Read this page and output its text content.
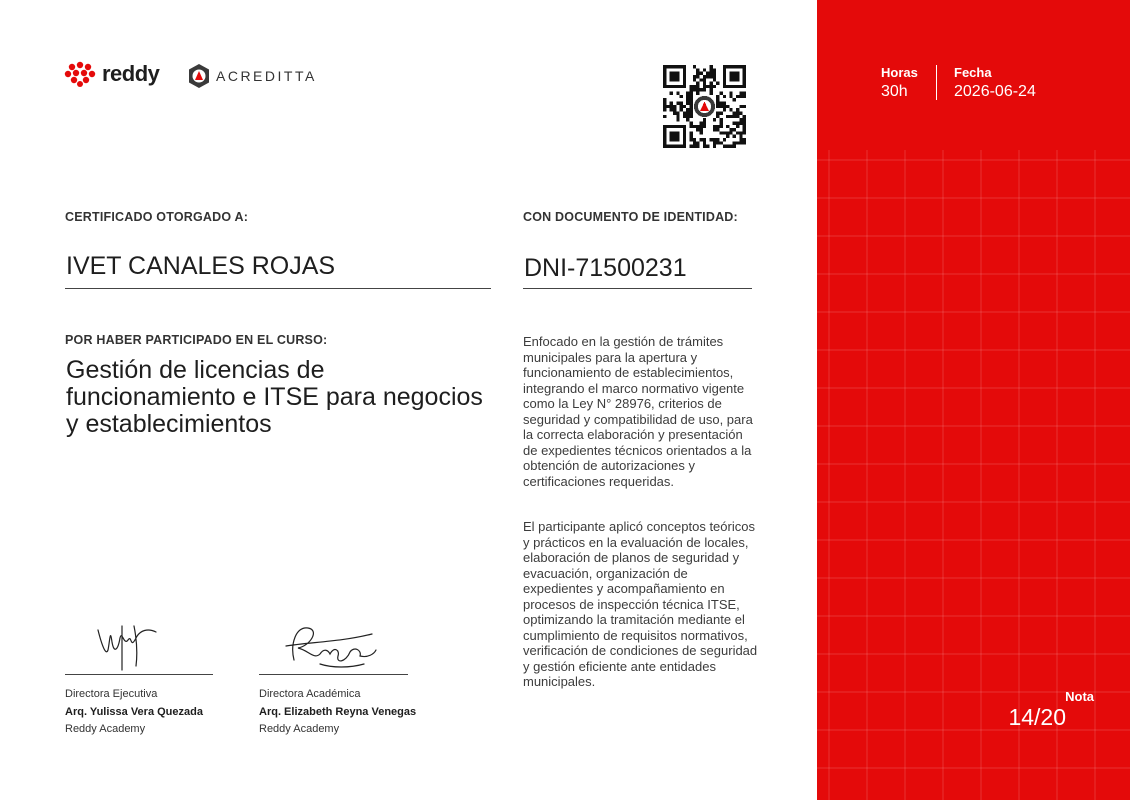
reddy	ACREDITTA
CERTIFICADO OTORGADO A:
IVET CANALES ROJAS
CON DOCUMENTO DE IDENTIDAD:
DNI-71500231
POR HABER PARTICIPADO EN EL CURSO:
Gestión de licencias de funcionamiento e ITSE para negocios y establecimientos
Enfocado en la gestión de trámites municipales para la apertura y funcionamiento de establecimientos, integrando el marco normativo vigente como la Ley N° 28976, criterios de seguridad y compatibilidad de uso, para la correcta elaboración y presentación de expedientes técnicos orientados a la obtención de autorizaciones y certificaciones requeridas.
El participante aplicó conceptos teóricos y prácticos en la evaluación de locales, elaboración de planos de seguridad y evacuación, organización de expedientes y acompañamiento en procesos de inspección técnica ITSE, optimizando la tramitación mediante el cumplimiento de requisitos normativos, verificación de condiciones de seguridad y gestión eficiente ante entidades municipales.
Directora Ejecutiva
Arq. Yulissa Vera Quezada
Reddy Academy
Directora Académica
Arq. Elizabeth Reyna Venegas
Reddy Academy
Horas
30h
Fecha
2026-06-24
Nota
14/20
